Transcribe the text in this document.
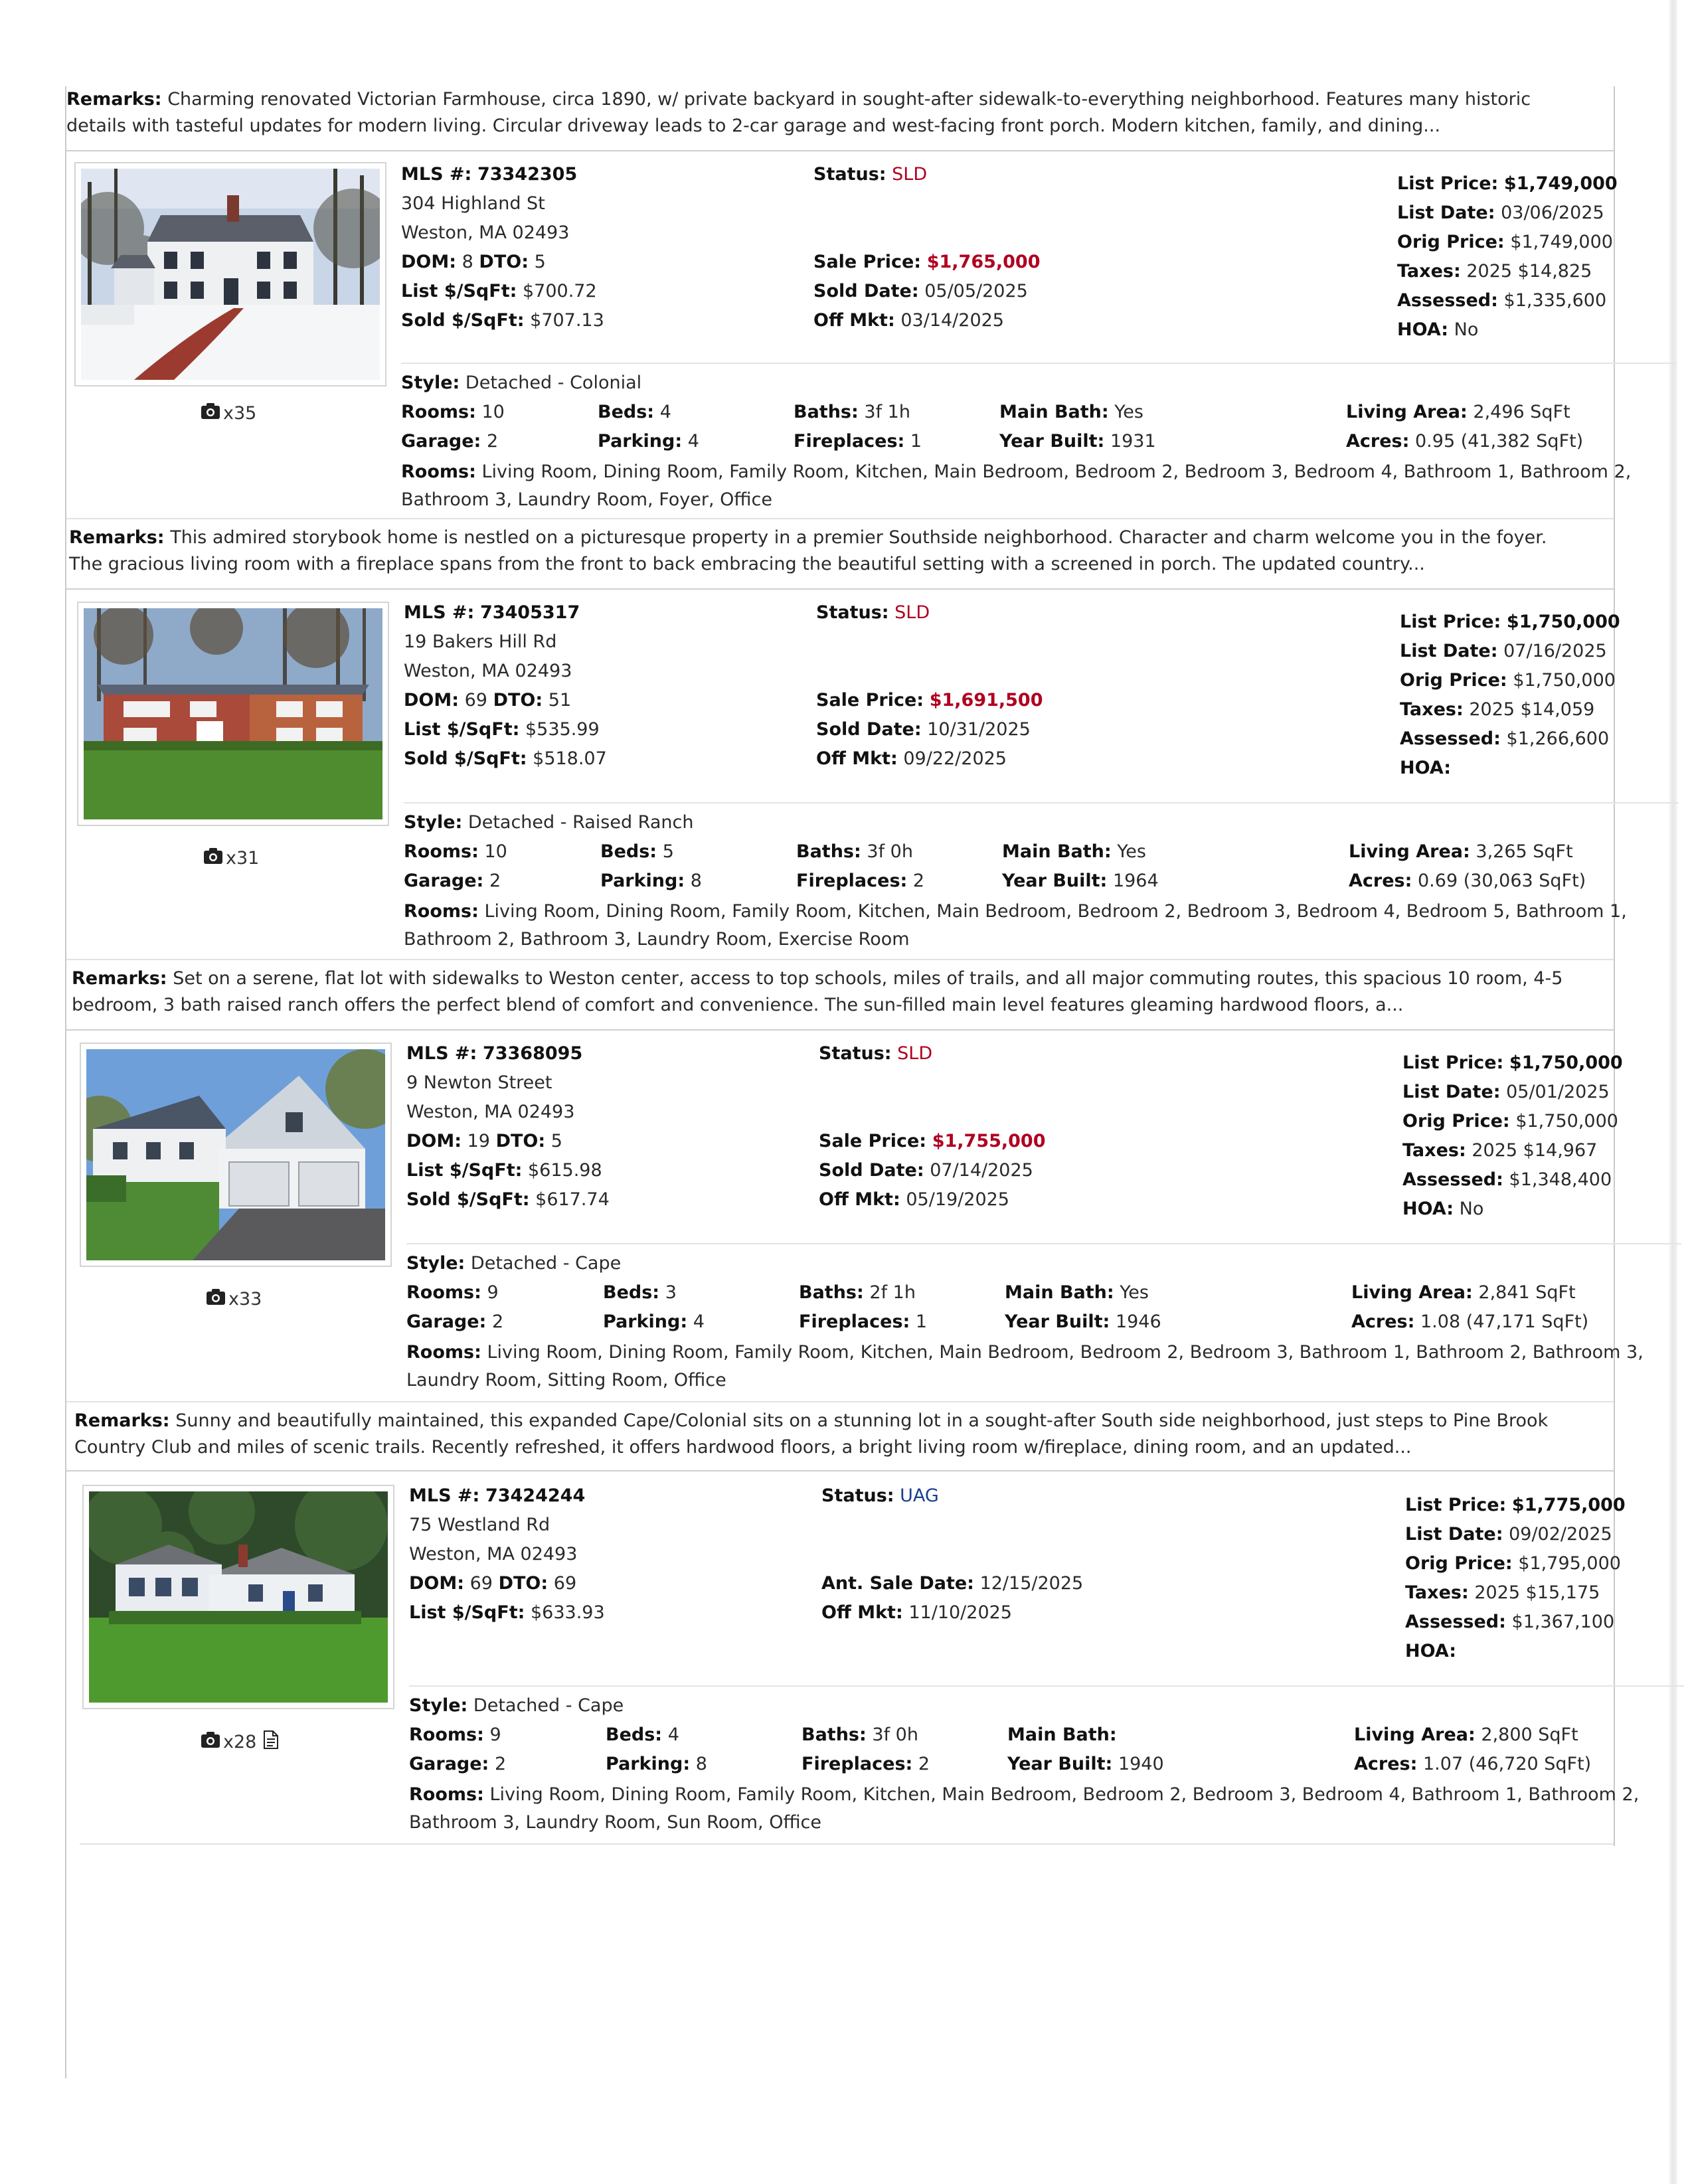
Remarks: Charming renovated Victorian Farmhouse, circa 1890, w/ private backyard in sought-after sidewalk-to-everything neighborhood. Features many historic details with tasteful updates for modern living. Circular driveway leads to 2-car garage and west-facing front porch. Modern kitchen, family, and dining...
x35
MLS #: 73342305
304 Highland St
Weston, MA 02493
DOM: 8 DTO: 5
List $/SqFt: $700.72
Sold $/SqFt: $707.13
Status: SLD
Sale Price: $1,765,000
Sold Date: 05/05/2025
Off Mkt: 03/14/2025
List Price: $1,749,000
List Date: 03/06/2025
Orig Price: $1,749,000
Taxes: 2025 $14,825
Assessed: $1,335,600
HOA: No
Style: Detached - Colonial
Rooms: 10	Beds: 4	Baths: 3f 1h	Main Bath: Yes	Living Area: 2,496 SqFt
Garage: 2	Parking: 4	Fireplaces: 1	Year Built: 1931	Acres: 0.95 (41,382 SqFt)
Rooms: Living Room, Dining Room, Family Room, Kitchen, Main Bedroom, Bedroom 2, Bedroom 3, Bedroom 4, Bathroom 1, Bathroom 2, Bathroom 3, Laundry Room, Foyer, Office
Remarks: This admired storybook home is nestled on a picturesque property in a premier Southside neighborhood. Character and charm welcome you in the foyer. The gracious living room with a fireplace spans from the front to back embracing the beautiful setting with a screened in porch. The updated country...
x31
MLS #: 73405317
19 Bakers Hill Rd
Weston, MA 02493
DOM: 69 DTO: 51
List $/SqFt: $535.99
Sold $/SqFt: $518.07
Status: SLD
Sale Price: $1,691,500
Sold Date: 10/31/2025
Off Mkt: 09/22/2025
List Price: $1,750,000
List Date: 07/16/2025
Orig Price: $1,750,000
Taxes: 2025 $14,059
Assessed: $1,266,600
HOA:
Style: Detached - Raised Ranch
Rooms: 10	Beds: 5	Baths: 3f 0h	Main Bath: Yes	Living Area: 3,265 SqFt
Garage: 2	Parking: 8	Fireplaces: 2	Year Built: 1964	Acres: 0.69 (30,063 SqFt)
Rooms: Living Room, Dining Room, Family Room, Kitchen, Main Bedroom, Bedroom 2, Bedroom 3, Bedroom 4, Bedroom 5, Bathroom 1, Bathroom 2, Bathroom 3, Laundry Room, Exercise Room
Remarks: Set on a serene, flat lot with sidewalks to Weston center, access to top schools, miles of trails, and all major commuting routes, this spacious 10 room, 4-5 bedroom, 3 bath raised ranch offers the perfect blend of comfort and convenience. The sun-filled main level features gleaming hardwood floors, a...
x33
MLS #: 73368095
9 Newton Street
Weston, MA 02493
DOM: 19 DTO: 5
List $/SqFt: $615.98
Sold $/SqFt: $617.74
Status: SLD
Sale Price: $1,755,000
Sold Date: 07/14/2025
Off Mkt: 05/19/2025
List Price: $1,750,000
List Date: 05/01/2025
Orig Price: $1,750,000
Taxes: 2025 $14,967
Assessed: $1,348,400
HOA: No
Style: Detached - Cape
Rooms: 9	Beds: 3	Baths: 2f 1h	Main Bath: Yes	Living Area: 2,841 SqFt
Garage: 2	Parking: 4	Fireplaces: 1	Year Built: 1946	Acres: 1.08 (47,171 SqFt)
Rooms: Living Room, Dining Room, Family Room, Kitchen, Main Bedroom, Bedroom 2, Bedroom 3, Bathroom 1, Bathroom 2, Bathroom 3, Laundry Room, Sitting Room, Office
Remarks: Sunny and beautifully maintained, this expanded Cape/Colonial sits on a stunning lot in a sought-after South side neighborhood, just steps to Pine Brook Country Club and miles of scenic trails. Recently refreshed, it offers hardwood floors, a bright living room w/fireplace, dining room, and an updated...
x28
MLS #: 73424244
75 Westland Rd
Weston, MA 02493
DOM: 69 DTO: 69
List $/SqFt: $633.93
Status: UAG
Ant. Sale Date: 12/15/2025
Off Mkt: 11/10/2025
List Price: $1,775,000
List Date: 09/02/2025
Orig Price: $1,795,000
Taxes: 2025 $15,175
Assessed: $1,367,100
HOA:
Style: Detached - Cape
Rooms: 9	Beds: 4	Baths: 3f 0h	Main Bath:	Living Area: 2,800 SqFt
Garage: 2	Parking: 8	Fireplaces: 2	Year Built: 1940	Acres: 1.07 (46,720 SqFt)
Rooms: Living Room, Dining Room, Family Room, Kitchen, Main Bedroom, Bedroom 2, Bedroom 3, Bedroom 4, Bathroom 1, Bathroom 2, Bathroom 3, Laundry Room, Sun Room, Office
